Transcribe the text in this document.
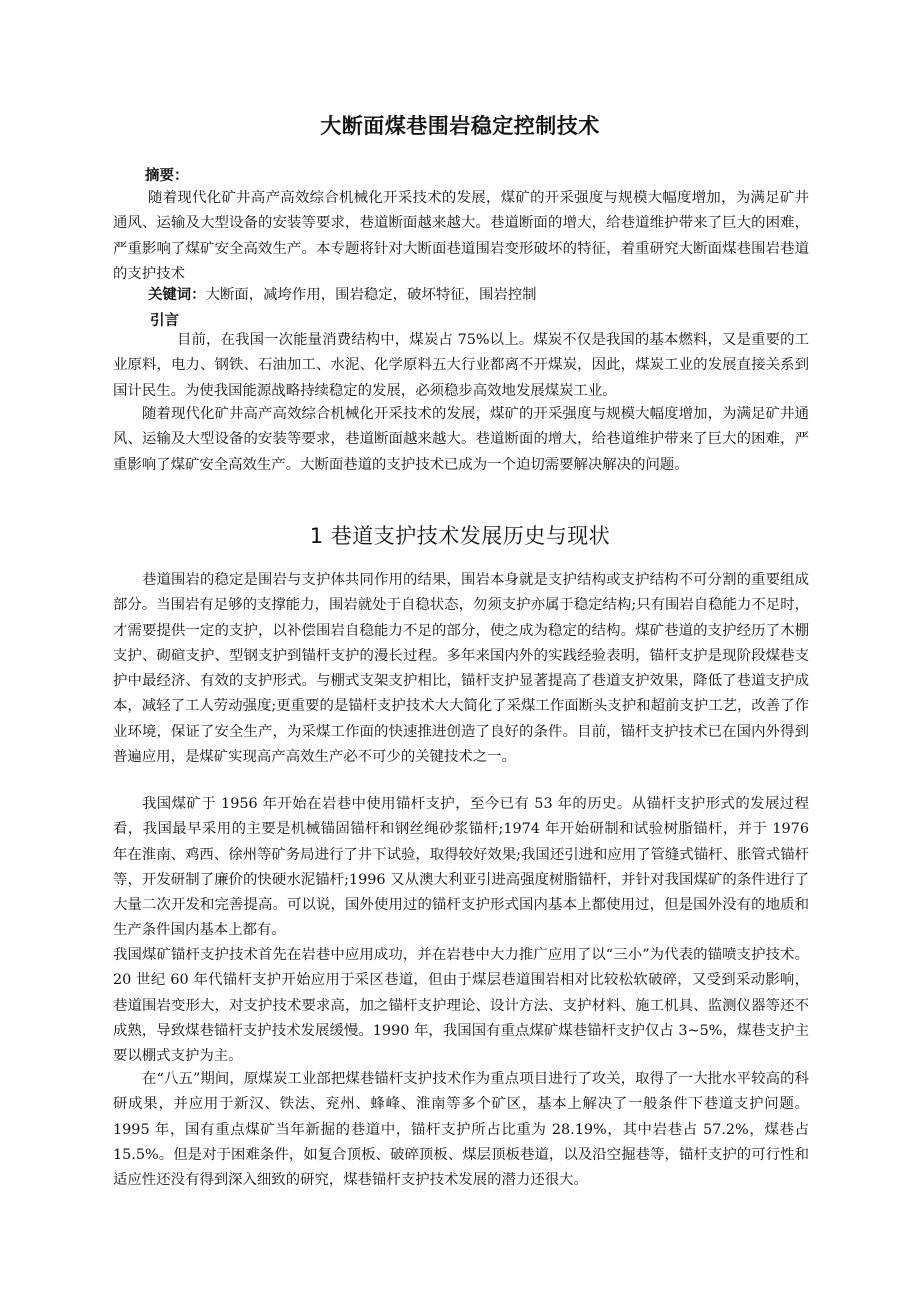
大断面煤巷围岩稳定控制技术
摘要：

随着现代化矿井高产高效综合机械化开采技术的发展，煤矿的开采强度与规模大幅度增加，为满足矿井通风、运输及大型设备的安装等要求，巷道断面越来越大。巷道断面的增大，给巷道维护带来了巨大的困难，严重影响了煤矿安全高效生产。本专题将针对大断面巷道围岩变形破坏的特征，着重研究大断面煤巷围岩巷道的支护技术

关键词：大断面，减垮作用，围岩稳定，破坏特征，围岩控制
引言

目前，在我国一次能量消费结构中，煤炭占 75%以上。煤炭不仅是我国的基本燃料，又是重要的工业原料，电力、钢铁、石油加工、水泥、化学原料五大行业都离不开煤炭，因此，煤炭工业的发展直接关系到国计民生。为使我国能源战略持续稳定的发展，必须稳步高效地发展煤炭工业。

随着现代化矿井高产高效综合机械化开采技术的发展，煤矿的开采强度与规模大幅度增加，为满足矿井通风、运输及大型设备的安装等要求，巷道断面越来越大。巷道断面的增大，给巷道维护带来了巨大的困难，严重影响了煤矿安全高效生产。大断面巷道的支护技术已成为一个迫切需要解决解决的问题。

1 巷道支护技术发展历史与现状

巷道围岩的稳定是围岩与支护体共同作用的结果，围岩本身就是支护结构或支护结构不可分割的重要组成部分。当围岩有足够的支撑能力，围岩就处于自稳状态，勿须支护亦属于稳定结构;只有围岩自稳能力不足时，才需要提供一定的支护，以补偿围岩自稳能力不足的部分，使之成为稳定的结构。煤矿巷道的支护经历了木棚支护、砌碹支护、型钢支护到锚杆支护的漫长过程。多年来国内外的实践经验表明，锚杆支护是现阶段煤巷支护中最经济、有效的支护形式。与棚式支架支护相比，锚杆支护显著提高了巷道支护效果，降低了巷道支护成本，减轻了工人劳动强度;更重要的是锚杆支护技术大大简化了采煤工作面断头支护和超前支护工艺，改善了作业环境，保证了安全生产，为采煤工作面的快速推进创造了良好的条件。目前，锚杆支护技术已在国内外得到普遍应用，是煤矿实现高产高效生产必不可少的关键技术之一。

我国煤矿于 1956 年开始在岩巷中使用锚杆支护，至今已有 53 年的历史。从锚杆支护形式的发展过程看，我国最早采用的主要是机械锚固锚杆和钢丝绳砂浆锚杆;1974 年开始研制和试验树脂锚杆，并于 1976 年在淮南、鸡西、徐州等矿务局进行了井下试验，取得较好效果;我国还引进和应用了管缝式锚杆、胀管式锚杆等，开发研制了廉价的快硬水泥锚杆;1996 又从澳大利亚引进高强度树脂锚杆，并针对我国煤矿的条件进行了大量二次开发和完善提高。可以说，国外使用过的锚杆支护形式国内基本上都使用过，但是国外没有的地质和生产条件国内基本上都有。

我国煤矿锚杆支护技术首先在岩巷中应用成功，并在岩巷中大力推广应用了以“三小”为代表的锚喷支护技术。20 世纪 60 年代锚杆支护开始应用于采区巷道，但由于煤层巷道围岩相对比较松软破碎，又受到采动影响，巷道围岩变形大，对支护技术要求高，加之锚杆支护理论、设计方法、支护材料、施工机具、监测仪器等还不成熟，导致煤巷锚杆支护技术发展缓慢。1990 年，我国国有重点煤矿煤巷锚杆支护仅占 3~5%，煤巷支护主要以棚式支护为主。

在“八五”期间，原煤炭工业部把煤巷锚杆支护技术作为重点项目进行了攻关，取得了一大批水平较高的科研成果，并应用于新汉、铁法、兖州、蜂峰、淮南等多个矿区，基本上解决了一般条件下巷道支护问题。1995 年，国有重点煤矿当年新掘的巷道中，锚杆支护所占比重为 28.19%，其中岩巷占 57.2%，煤巷占 15.5%。但是对于困难条件，如复合顶板、破碎顶板、煤层顶板巷道，以及沿空掘巷等，锚杆支护的可行性和适应性还没有得到深入细致的研究，煤巷锚杆支护技术发展的潜力还很大。
